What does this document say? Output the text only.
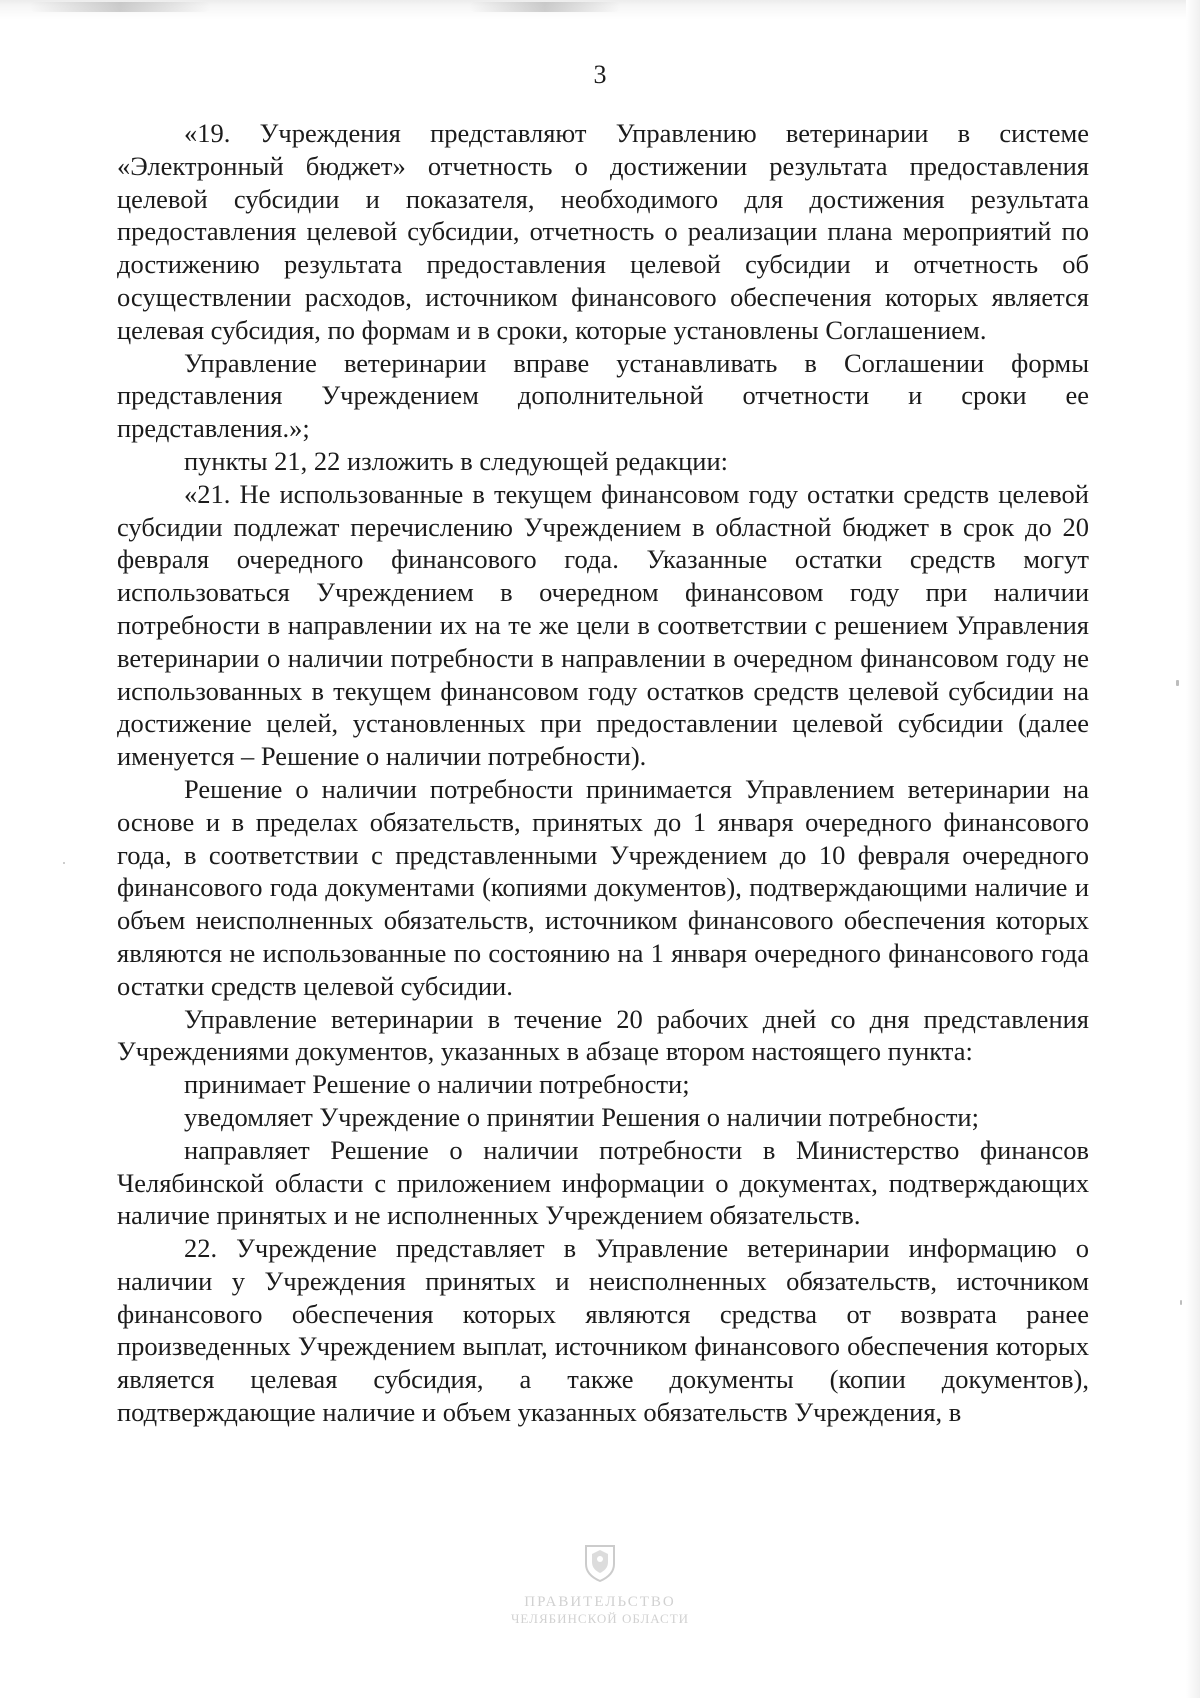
3

«19. Учреждения представляют Управлению ветеринарии в системе «Электронный бюджет» отчетность о достижении результата предоставления целевой субсидии и показателя, необходимого для достижения результата предоставления целевой субсидии, отчетность о реализации плана мероприятий по достижению результата предоставления целевой субсидии и отчетность об осуществлении расходов, источником финансового обеспечения которых является целевая субсидия, по формам и в сроки, которые установлены Соглашением.

Управление ветеринарии вправе устанавливать в Соглашении формы представления Учреждением дополнительной отчетности и сроки ее представления.»;

пункты 21, 22 изложить в следующей редакции:

«21. Не использованные в текущем финансовом году остатки средств целевой субсидии подлежат перечислению Учреждением в областной бюджет в срок до 20 февраля очередного финансового года. Указанные остатки средств могут использоваться Учреждением в очередном финансовом году при наличии потребности в направлении их на те же цели в соответствии с решением Управления ветеринарии о наличии потребности в направлении в очередном финансовом году не использованных в текущем финансовом году остатков средств целевой субсидии на достижение целей, установленных при предоставлении целевой субсидии (далее именуется – Решение о наличии потребности).

Решение о наличии потребности принимается Управлением ветеринарии на основе и в пределах обязательств, принятых до 1 января очередного финансового года, в соответствии с представленными Учреждением до 10 февраля очередного финансового года документами (копиями документов), подтверждающими наличие и объем неисполненных обязательств, источником финансового обеспечения которых являются не использованные по состоянию на 1 января очередного финансового года остатки средств целевой субсидии.

Управление ветеринарии в течение 20 рабочих дней со дня представления Учреждениями документов, указанных в абзаце втором настоящего пункта:

принимает Решение о наличии потребности;

уведомляет Учреждение о принятии Решения о наличии потребности;

направляет Решение о наличии потребности в Министерство финансов Челябинской области с приложением информации о документах, подтверждающих наличие принятых и не исполненных Учреждением обязательств.

22. Учреждение представляет в Управление ветеринарии информацию о наличии у Учреждения принятых и неисполненных обязательств, источником финансового обеспечения которых являются средства от возврата ранее произведенных Учреждением выплат, источником финансового обеспечения которых является целевая субсидия, а также документы (копии документов), подтверждающие наличие и объем указанных обязательств Учреждения, в

ПРАВИТЕЛЬСТВО
ЧЕЛЯБИНСКОЙ ОБЛАСТИ
